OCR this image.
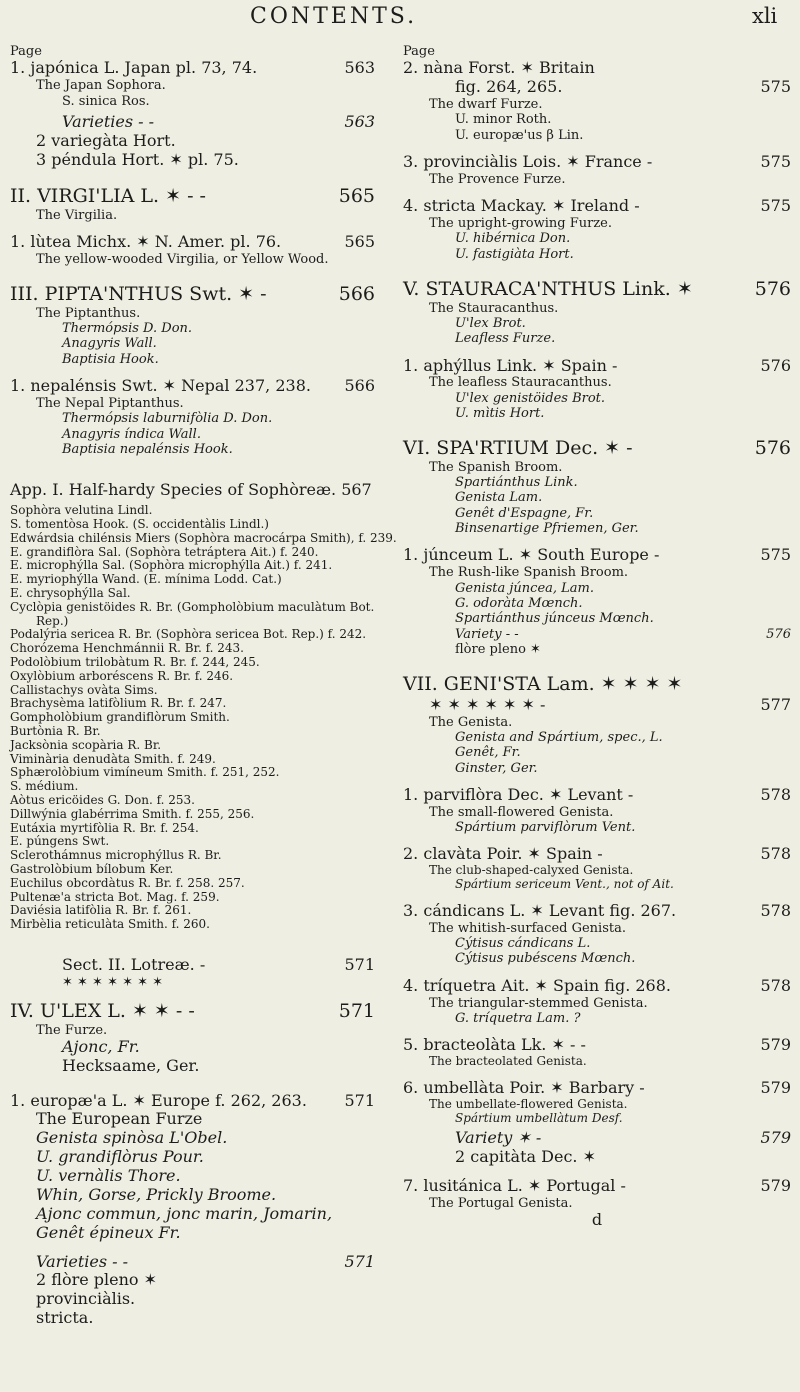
CONTENTS.	xli
Page
1. japónica L. Japan pl. 73, 74.	563
The Japan Sophora.
S. sinica Ros.
Varieties - -	563
2 variegàta Hort.
3 péndula Hort. ✶ pl. 75.
II. VIRGI'LIA L. ✶ - -	565
The Virgilia.
1. lùtea Michx. ✶ N. Amer. pl. 76.	565
The yellow-wooded Virgilia, or Yellow Wood.
III. PIPTA'NTHUS Swt. ✶ -	566
The Piptanthus.
Thermópsis D. Don.
Anagyris Wall.
Baptisia Hook.
1. nepalénsis Swt. ✶ Nepal 237, 238. 566
The Nepal Piptanthus.
Thermópsis laburnifòlia D. Don.
Anagyris índica Wall.
Baptisia nepalénsis Hook.
App. I. Half-hardy Species of Sophòreæ. 567
Sophòra velutina Lindl.
S. tomentòsa Hook. (S. occidentàlis Lindl.)
Edwárdsia chilénsis Miers (Sophòra macrocárpa Smith), f. 239.
E. grandiflòra Sal. (Sophòra tetráptera Ait.) f. 240.
E. microphýlla Sal. (Sophòra microphýlla Ait.) f. 241.
E. myriophýlla Wand. (E. mínima Lodd. Cat.)
E. chrysophýlla Sal.
Cyclòpia genistöides R. Br. (Gompholòbium maculàtum Bot.
Rep.)
Podalýria sericea R. Br. (Sophòra sericea Bot. Rep.) f. 242.
Chorózema Henchmánnii R. Br. f. 243.
Podolòbium trilobàtum R. Br. f. 244, 245.
Oxylòbium arboréscens R. Br. f. 246.
Callistachys ovàta Sims.
Brachysèma latifòlium R. Br. f. 247.
Gompholòbium grandiflòrum Smith.
Burtònia R. Br.
Jacksònia scopària R. Br.
Viminària denudàta Smith. f. 249.
Sphærolòbium vimíneum Smith. f. 251, 252.
S. médium.
Aòtus ericöides G. Don. f. 253.
Dillwýnia glabérrima Smith. f. 255, 256.
Eutáxia myrtifòlia R. Br. f. 254.
E. púngens Swt.
Sclerothámnus microphýllus R. Br.
Gastrolòbium bílobum Ker.
Euchilus obcordàtus R. Br. f. 258. 257.
Pultenæ'a stricta Bot. Mag. f. 259.
Daviésia latifòlia R. Br. f. 261.
Mirbèlia reticulàta Smith. f. 260.
Sect. II. Lotreæ. -	571
✶ ✶ ✶ ✶ ✶ ✶ ✶
IV. U'LEX L. ✶ ✶ - -	571
The Furze.
Ajonc, Fr.
Hecksaame, Ger.
1. europæ'a L. ✶ Europe f. 262, 263. 571
The European Furze
Genista spinòsa L'Obel.
U. grandiflòrus Pour.
U. vernàlis Thore.
Whin, Gorse, Prickly Broome.
Ajonc commun, jonc marin, Jomarin,
Genêt épineux Fr.
Varieties - -	571
2 flòre pleno ✶
provinciàlis.
stricta.
Page
2. nàna Forst. ✶ Britain
fig. 264, 265.	575
The dwarf Furze.
U. minor Roth.
U. europæ'us β Lin.
3. provinciàlis Lois. ✶ France -	575
The Provence Furze.
4. stricta Mackay. ✶ Ireland -	575
The upright-growing Furze.
U. hibérnica Don.
U. fastigiàta Hort.
V. STAURACA'NTHUS Link. ✶	576
The Stauracanthus.
U'lex Brot.
Leafless Furze.
1. aphýllus Link. ✶ Spain -	576
The leafless Stauracanthus.
U'lex genistöides Brot.
U. mìtis Hort.
VI. SPA'RTIUM Dec. ✶ -	576
The Spanish Broom.
Spartiánthus Link.
Genista Lam.
Genêt d'Espagne, Fr.
Binsenartige Pfriemen, Ger.
1. júnceum L. ✶ South Europe -	575
The Rush-like Spanish Broom.
Genista júncea, Lam.
G. odoràta Mœnch.
Spartiánthus júnceus Mœnch.
Variety - -	576
flòre pleno ✶
VII. GENI'STA Lam. ✶ ✶ ✶ ✶
✶ ✶ ✶ ✶ ✶ ✶ -	577
The Genista.
Genista and Spártium, spec., L.
Genêt, Fr.
Ginster, Ger.
1. parviflòra Dec. ✶ Levant -	578
The small-flowered Genista.
Spártium parviflòrum Vent.
2. clavàta Poir. ✶ Spain -	578
The club-shaped-calyxed Genista.
Spártium sericeum Vent., not of Ait.
3. cándicans L. ✶ Levant fig. 267.	578
The whitish-surfaced Genista.
Cýtisus cándicans L.
Cýtisus pubéscens Mœnch.
4. tríquetra Ait. ✶ Spain fig. 268.	578
The triangular-stemmed Genista.
G. tríquetra Lam. ?
5. bracteolàta Lk. ✶ - -	579
The bracteolated Genista.
6. umbellàta Poir. ✶ Barbary -	579
The umbellate-flowered Genista.
Spártium umbellàtum Desf.
Variety ✶ -	579
2 capitàta Dec. ✶
7. lusitánica L. ✶ Portugal -	579
The Portugal Genista.
d
